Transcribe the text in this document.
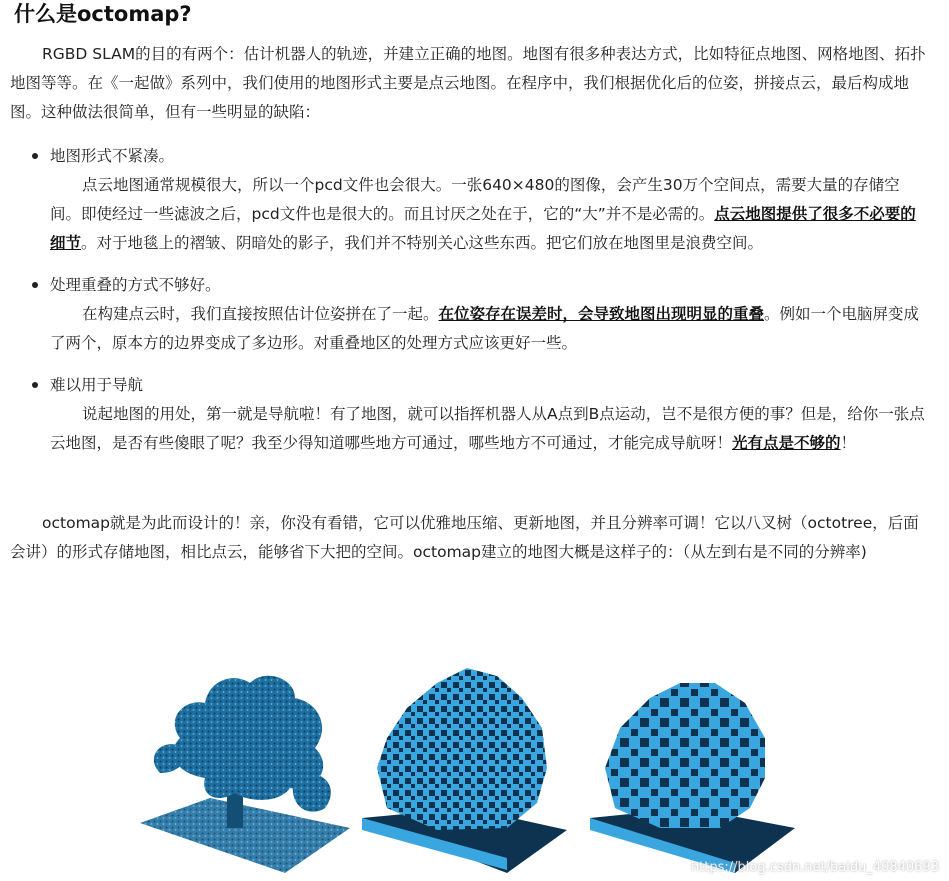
什么是octomap?

RGBD SLAM的目的有两个：估计机器人的轨迹，并建立正确的地图。地图有很多种表达方式，比如特征点地图、网格地图、拓扑地图等等。在《一起做》系列中，我们使用的地图形式主要是点云地图。在程序中，我们根据优化后的位姿，拼接点云，最后构成地图。这种做法很简单，但有一些明显的缺陷：

地图形式不紧凑。
点云地图通常规模很大，所以一个pcd文件也会很大。一张640×480的图像，会产生30万个空间点，需要大量的存储空间。即使经过一些滤波之后，pcd文件也是很大的。而且讨厌之处在于，它的“大”并不是必需的。点云地图提供了很多不必要的细节。对于地毯上的褶皱、阴暗处的影子，我们并不特别关心这些东西。把它们放在地图里是浪费空间。
处理重叠的方式不够好。
在构建点云时，我们直接按照估计位姿拼在了一起。在位姿存在误差时，会导致地图出现明显的重叠。例如一个电脑屏变成了两个，原本方的边界变成了多边形。对重叠地区的处理方式应该更好一些。
难以用于导航
说起地图的用处，第一就是导航啦！有了地图，就可以指挥机器人从A点到B点运动，岂不是很方便的事？但是，给你一张点云地图，是否有些傻眼了呢？我至少得知道哪些地方可通过，哪些地方不可通过，才能完成导航呀！光有点是不够的！

octomap就是为此而设计的！亲，你没有看错，它可以优雅地压缩、更新地图，并且分辨率可调！它以八叉树（octotree，后面会讲）的形式存储地图，相比点云，能够省下大把的空间。octomap建立的地图大概是这样子的：（从左到右是不同的分辨率)

https://blog.csdn.net/baidu_40840693
